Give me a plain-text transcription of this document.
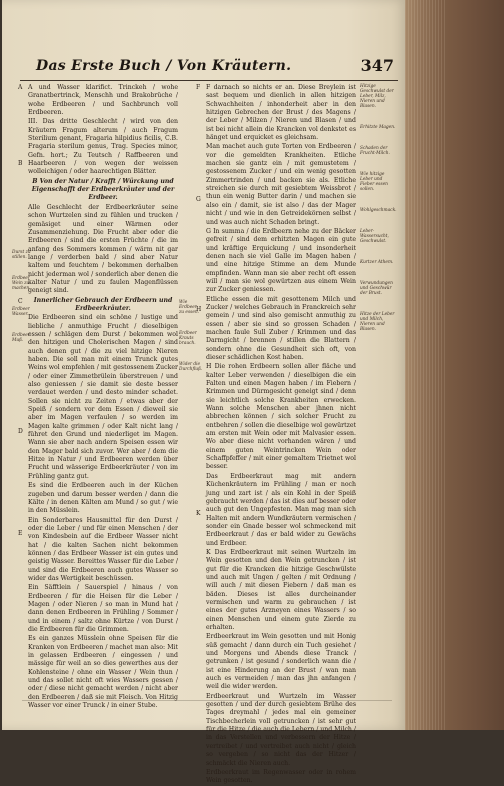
Das Erste Buch / Von Kräutern.	347

A und Wasser klarifict. Trinckeh / wohe Granatbertrinck, Menschh und Brakobrüche / wohe Erdbeeren / und Sachbrunch voll Erdbeeren.

III. Das dritte Geschlecht / wird von den Kräutern Fragum alterum / auch Fragum Sterilium genant, Fragaria hilpidius ficilis, C.B. Fragaria sterilum genus, Trag. Species minor, Gefn. hort.; Zu Teutsch / Raffbeeren und Haarbeeren / von wegen der weissen wolleichigen / oder haarechtigen Blätter.

B Von der Natur / Krafft / Würckung und Eigenschafft der Erdbeerkräuter und der Erdbeer.

Alle Geschlecht der Erdbeerkräuter seine schon Wurtzelen sind zu fühlen und trucken / gemäsiget und einer Wärmen oder Zusammenziehung. Die Frucht aber oder die Erdbeeren / sind die ersten Früchte / die im anfang des Sommers kommen / wärm nit gar lange / verderben bald / sind aber Natur kaltem und feuchtem / bekommen derhalben nicht jederman wol / sonderlich aber denen die kalter Natur / und zu faulen Magenflüssen geneigt sind.

Innerlicher Gebrauch der Erdbeern und Erdbeerkräuter.

Die Erdbeeren sind ein schöne / lustige und liebliche / anmuthige Frucht / dieselbigen essen / schlägen dem Durst / bekommen wol den hitzigen und Cholerischen Magen / sind auch denen gut / die zu viel hitzige Nieren haben. Die soll man mit einem Trunck gutes Weins wol empfehlen / mit gestossenem Zucker / oder einer Zimmetbrülein überstreuen / und also geniessen / sie damit sie deste besser verdauet werden / und desto minder schadet. Sollen sie nicht zu Zeiten / etwas aber der Speiß / sondern vor dem Essen / dieweil sie aber im Magen verfaulen / so werden im Magen kalte grimmen / oder Kalt nicht lang / führet den Grund und niederliget im Magen. Wann sie aber nach andern Speisen essen wir den Mager bald sich zuvor. Wer aber / dem die Hitze in Natur / und Erdbeeren werden über Frucht und wässerige Erdbeerkräuter / von im Frühling gantz gut.

Es sind die Erdbeeren auch in der Küchen zugeben und darum besser werden / dann die Kälte / in denen Kälten am Mund / so gut / wie in den Müsslein.

Ein Sonderbares Hausmittel für den Durst / oder die Leber / und für einen Menschen / der von Kindesbein auf die Erdbeer Wasser nicht hat / die kalten Sachen nicht bekommen können / das Erdbeer Wasser ist ein gutes und geistig Wasser. Bereittes Wasser für die Leber / und sind die Erdbeeren auch gutes Wasser so wider das Wertigkeit beschüssen.

Ein Säfftlein / Sauerspiel / hinaus / von Erdbeeren / für die Heisen für die Leber / Magen / oder Nieren / so man in Mund hat / dann denen Erdbeeren in Frühling / Sommer / und in einem / saltz ohne Kürtze / von Durst / die Erdbeeren für die Grimmen.

Es ein ganzes Müsslein ohne Speisen für die Kranken von Erdbeeren / machet man also: Mit in gelassen Erdbeeren / eingessen / und mässige für weil an so dies gewerthes aus der Kohlensteine / ohne ein Wasser / Wein thun / und das sollet nicht oft wies Wassers gessen / oder / diese nicht gemacht werden / nicht aber den Erdbeeren / daß sie mit Fleisch. Von Hitzig Wasser vor einer Trunck / in einer Stube.

F darnach so nichts er an. Diese Breylein ist sast bequem und dienlich in allen hitzigen Schwachheiten / inhonderheit aber in den hitzigen Gebrechen der Brust / des Magens / der Leber / Milzen / Nieren und Blasen / und ist bei nicht allein die Krancken vol denkstet es hänget und erquicket es gleichsam.

Man machet auch gute Torten von Erdbeeren / vor die gemeldten Krankheiten. Etliche machen sie gantz ein / mit gemustetem / gestossenem Zucker / und ein wenig gesotten Zimmertrinden / und backen sie als. Etliche streichen sie durch mit gesiebtem Weissbrot / thun ein wenig Butter darin / und machen sie also ein / damit, sie ist also / das der Mager nicht / und wie in den Getreidekörnen selbst / und was auch nicht Schaden bringt.

G In summa / die Erdbeern nehe zu der Bäcker gefreit / sind dem erhitzten Magen ein gute und kräftige Erquickung / und insonderheit denen nach sie viel Galle im Magen haben / und eine hitzige Stimme an dem Munde empfinden. Wann man sie aber recht oft essen will / man sie wol gewürtzen aus einem Wein zur Zucker geniessen.

Etliche essen die mit gesottenem Milch und Zucker / welches Gebrauch in Franckreich sehr gemein / und sind also gemischt anmuthig zu essen / aber sie sind so grossen Schaden / machen faule Sull Zuber / Krimmen und das Darmgicht / brennen / stillen die Blattern / sondern ohne die Gesundheit sich oft, von dieser schädlichen Kost haben.

H Die rohen Erdbeern sollen aller fläche und kalter Leber verwenden / dieselbigen die ein Falten und einen Magen haben / im Fiebern / Krimmen und Dürmgesicht geneigt sind / denn sie leichtlich solche Krankheiten erwecken. Wann solche Menschen aber jhnen nicht abbrechen können / sich solcher Frucht zu entbehren / sollen die dieselbige wol gewürtzet am ersten mit Wein oder mit Malvasier essen. Wo aber diese nicht vorhanden wären / und einem guten Weintrincken Wein oder Schaffpfeffer / mit einer gemaltem Trietnet wol besser.

Das Erdbeerkraut mag mit andern Küchenkräutern im Frühling / man er noch jung und zart ist / als ein Kohl in der Speiß gebraucht werden / das ist dies auf besser oder auch gut den Ungepfesten. Man mag man sich Halten mit andern Wundkräutern vermischen / sonder ein Gnade besser wol schmeckend mit Erdbeerkraut / das er bald wider zu Gewächs und Erdbeer.

K Das Erdbeerkraut mit seinen Wurtzeln im Wein gesotten und den Wein getruncken / ist gut für die Krancken die hitzige Geschwülste und auch mit Ungen / gelten / mit Ordnung / will auch / mit diesen Fiebern / daß man es bäden. Dieses ist alles durcheinander vermischen und warm zu gebrauchen / ist eines der gutes Arzneyen eines Wassers / so einen Menschen und einem gute Zierde zu erhalten.

Erdbeerkraut im Wein gesotten und mit Honig süß gemacht / dann durch ein Tuch gesiehet / und Morgens und Abends diese Tranck / getrunken / ist gesund / sonderlich wann die / ist eine Hinderung an der Brust / wan man auch es vermeiden / man das jhn anfangen / weil die wider werden.

Erdbeerkraut und Wurtzeln im Wasser gesotten / und der durch gesiebtem Brühe des Tages dreymahl / jedes mal ein gemeiner Tischbecherlein voll getruncken / ist sehr gut für die Hitze / die auch die Lebern / und Milch / in das Verstellen und verbessern der Hitze / vertreibet / und vertreibet auch nicht / gleich so vergeben / so nicht das der Hitzer / schmäckt die Nieren auch.

Erdbeerkraut im Regenwasser oder in rohem Wein gesotten.

Durst zu stillen.
Erdbeer Wein zu machen.
Erdbeer Wasser.
Erdbeer Muß.
Wie Erdbeer zu essen.
Erdbeer Krauts brauch.
Wider die Durchfluß.
Hitzige Geschwulst der Leber, Milz, Nieren und Blasen.
Erhitzte Magen.
Schaden der Frucht-Milch.
Wie hitzige Leber und Fieber essen sollen.
Wohlgeschmack.
Leber-Wassersucht, Geschwulst.
Kurtzer Athem.
Verwundungen und Geschwür der Brust.
Hitze der Leber und Milch, Nieren und Blasen.
A
B
C
D
E
F
G
H
K
